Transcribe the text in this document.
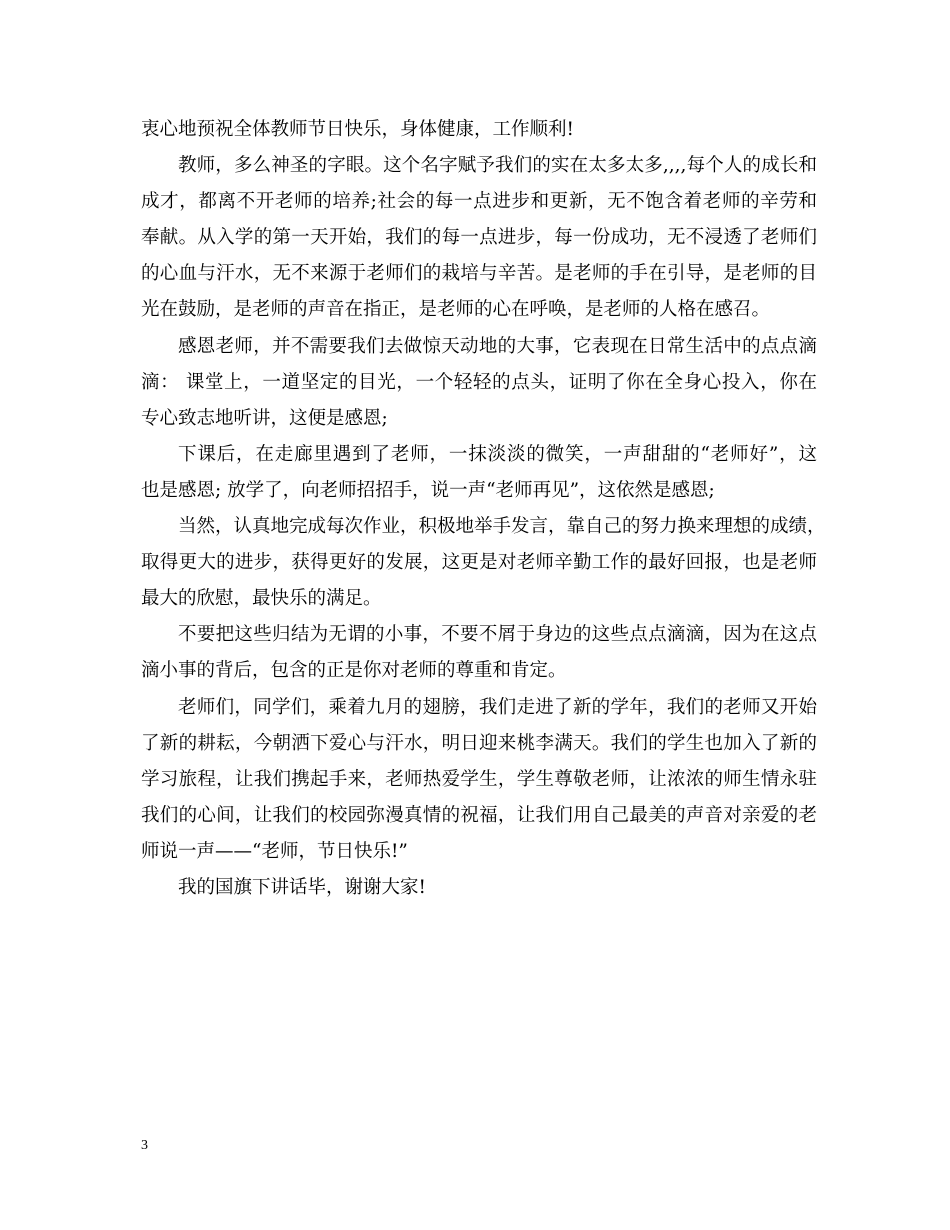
衷心地预祝全体教师节日快乐，身体健康，工作顺利!
教师，多么神圣的字眼。这个名字赋予我们的实在太多太多,,,,每个人的成长和
成才，都离不开老师的培养;社会的每一点进步和更新，无不饱含着老师的辛劳和
奉献。从入学的第一天开始，我们的每一点进步，每一份成功，无不浸透了老师们
的心血与汗水，无不来源于老师们的栽培与辛苦。是老师的手在引导，是老师的目
光在鼓励，是老师的声音在指正，是老师的心在呼唤，是老师的人格在感召。
感恩老师，并不需要我们去做惊天动地的大事，它表现在日常生活中的点点滴
滴： 课堂上，一道坚定的目光，一个轻轻的点头，证明了你在全身心投入，你在
专心致志地听讲，这便是感恩;
下课后，在走廊里遇到了老师，一抹淡淡的微笑，一声甜甜的“老师好”，这
也是感恩; 放学了，向老师招招手，说一声“老师再见”，这依然是感恩;
当然，认真地完成每次作业，积极地举手发言，靠自己的努力换来理想的成绩，
取得更大的进步，获得更好的发展，这更是对老师辛勤工作的最好回报，也是老师
最大的欣慰，最快乐的满足。
不要把这些归结为无谓的小事，不要不屑于身边的这些点点滴滴，因为在这点
滴小事的背后，包含的正是你对老师的尊重和肯定。
老师们，同学们，乘着九月的翅膀，我们走进了新的学年，我们的老师又开始
了新的耕耘，今朝洒下爱心与汗水，明日迎来桃李满天。我们的学生也加入了新的
学习旅程，让我们携起手来，老师热爱学生，学生尊敬老师，让浓浓的师生情永驻
我们的心间，让我们的校园弥漫真情的祝福，让我们用自己最美的声音对亲爱的老
师说一声——“老师，节日快乐!”
我的国旗下讲话毕，谢谢大家!
3
